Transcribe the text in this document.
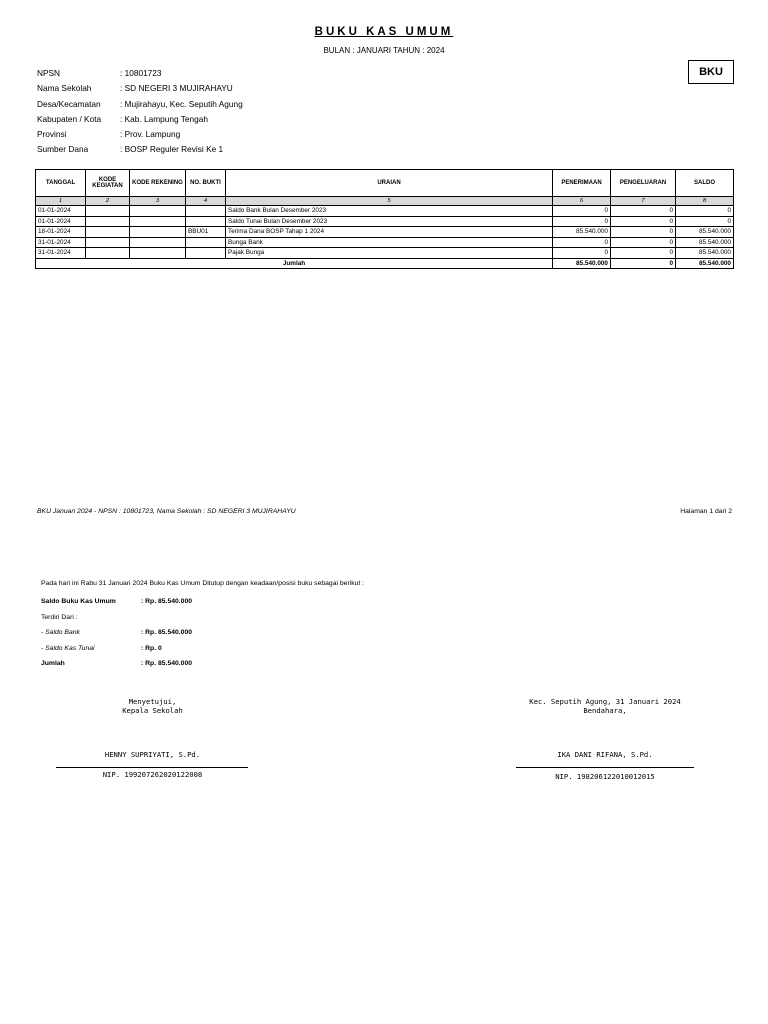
BUKU KAS UMUM
BULAN : JANUARI TAHUN : 2024
BKU
NPSN	: 10801723
Nama Sekolah	: SD NEGERI 3 MUJIRAHAYU
Desa/Kecamatan	: Mujirahayu, Kec. Seputih Agung
Kabupaten / Kota	: Kab. Lampung Tengah
Provinsi	: Prov. Lampung
Sumber Dana	: BOSP Reguler Revisi Ke 1
TANGGAL	KODE KEGIATAN	KODE REKENING	NO. BUKTI	URAIAN	PENERIMAAN	PENGELUARAN	SALDO
1	2	3	4	5	6	7	8
01-01-2024				Saldo Bank Bulan Desember 2023	0	0	0
01-01-2024				Saldo Tunai Bulan Desember 2023	0	0	0
18-01-2024			BBU01	Terima Dana BOSP Tahap 1 2024	85.540.000	0	85.540.000
31-01-2024				Bunga Bank	0	0	85.540.000
31-01-2024				Pajak Bunga	0	0	85.540.000
Jumlah					85.540.000	0	85.540.000
BKU Januari 2024 - NPSN : 10801723, Nama Sekolah : SD NEGERI 3 MUJIRAHAYU	Halaman 1 dari 2
Pada hari ini Rabu 31 Januari 2024 Buku Kas Umum Ditutup dengan keadaan/posisi buku sebagai berikut :
Saldo Buku Kas Umum	: Rp. 85.540.000
Terdiri Dari :
- Saldo Bank	: Rp. 85.540.000
- Saldo Kas Tunai	: Rp. 0
Jumlah	: Rp. 85.540.000
Menyetujui,
Kepala Sekolah
HENNY SUPRIYATI, S.Pd.
NIP. 199207262020122008
Kec. Seputih Agung, 31 Januari 2024
Bendahara,
IKA DANI RIFANA, S.Pd.
NIP. 198206122010012015
